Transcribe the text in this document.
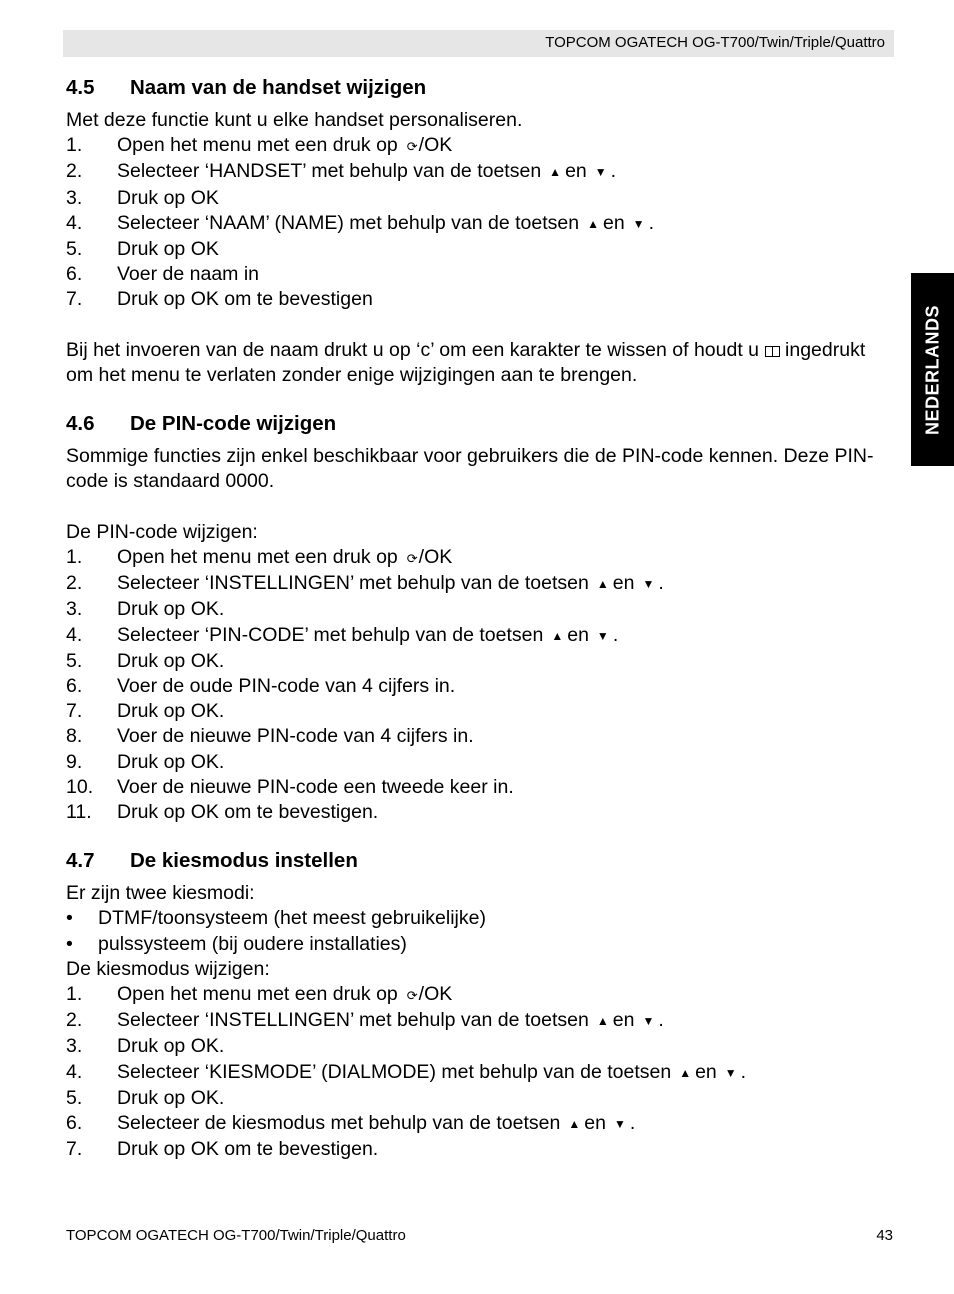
TOPCOM OGATECH OG-T700/Twin/Triple/Quattro
NEDERLANDS
4.5	Naam van de handset wijzigen

Met deze functie kunt u elke handset personaliseren.

1.	Open het menu met een druk op ⟳/OK
2.	Selecteer ‘HANDSET’ met behulp van de toetsen ▲ en ▼ .
3.	Druk op OK
4.	Selecteer ‘NAAM’ (NAME) met behulp van de toetsen ▲ en ▼ .
5.	Druk op OK
6.	Voer de naam in
7.	Druk op OK om te bevestigen

Bij het invoeren van de naam drukt u op ‘c’ om een karakter te wissen of houdt u ingedrukt om het menu te verlaten zonder enige wijzigingen aan te brengen.

4.6	De PIN-code wijzigen

Sommige functies zijn enkel beschikbaar voor gebruikers die de PIN-code kennen. Deze PIN-code is standaard 0000.

De PIN-code wijzigen:

1.	Open het menu met een druk op ⟳/OK
2.	Selecteer ‘INSTELLINGEN’ met behulp van de toetsen ▲ en ▼ .
3.	Druk op OK.
4.	Selecteer ‘PIN-CODE’ met behulp van de toetsen ▲ en ▼ .
5.	Druk op OK.
6.	Voer de oude PIN-code van 4 cijfers in.
7.	Druk op OK.
8.	Voer de nieuwe PIN-code van 4 cijfers in.
9.	Druk op OK.
10.	Voer de nieuwe PIN-code een tweede keer in.
11.	Druk op OK om te bevestigen.
4.7	De kiesmodus instellen

Er zijn twee kiesmodi:

•	DTMF/toonsysteem (het meest gebruikelijke)
•	pulssysteem (bij oudere installaties)

De kiesmodus wijzigen:

1.	Open het menu met een druk op ⟳/OK
2.	Selecteer ‘INSTELLINGEN’ met behulp van de toetsen ▲ en ▼ .
3.	Druk op OK.
4.	Selecteer ‘KIESMODE’ (DIALMODE) met behulp van de toetsen ▲ en ▼ .
5.	Druk op OK.
6.	Selecteer de kiesmodus met behulp van de toetsen ▲ en ▼ .
7.	Druk op OK om te bevestigen.
TOPCOM OGATECH OG-T700/Twin/Triple/Quattro	43
